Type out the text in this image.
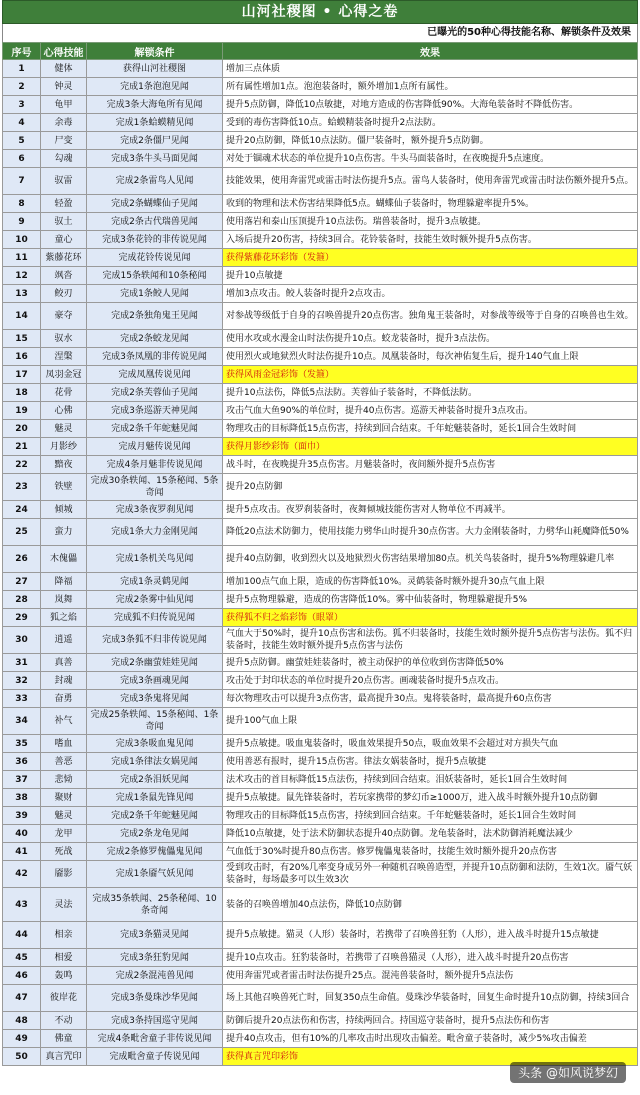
山河社稷图 • 心得之卷
已曝光的50种心得技能名称、解锁条件及效果
序号	心得技能	解锁条件	效果
1	健体	获得山河社稷图	增加三点体质
2	钟灵	完成1条泡泡见闻	所有属性增加1点。泡泡装备时，额外增加1点所有属性。
3	龟甲	完成3条大海龟所有见闻	提升5点防御，降低10点敏捷，对地方造成的伤害降低90%。大海龟装备时不降低伤害。
4	余毒	完成1条蛤蟆精见闻	受到的毒伤害降低10点。蛤蟆精装备时提升2点法防。
5	尸变	完成2条僵尸见闻	提升20点防御，降低10点法防。僵尸装备时，额外提升5点防御。
6	勾魂	完成3条牛头马面见闻	对处于锢魂术状态的单位提升10点伤害。牛头马面装备时，在夜晚提升5点速度。
7	驭雷	完成2条雷鸟人见闻	技能效果，使用奔雷咒或雷击时法伤提升5点。雷鸟人装备时，使用奔雷咒或雷击时法伤额外提升5点。
8	轻盈	完成2条蝴蝶仙子见闻	收到的物理和法术伤害结果降低5点。蝴蝶仙子装备时，物理躲避率提升5%。
9	驭土	完成2条古代瑞兽见闻	使用落岩和泰山压顶提升10点法伤。瑞兽装备时，提升3点敏捷。
10	童心	完成3条花铃的非传说见闻	入场后提升20伤害，持续3回合。花铃装备时，技能生效时额外提升5点伤害。
11	紫藤花环	完成花铃传说见闻	获得紫藤花环彩饰（发箍）
12	飒沓	完成15条轶闻和10条秘闻	提升10点敏捷
13	鲛刃	完成1条鲛人见闻	增加3点攻击。鲛人装备时提升2点攻击。
14	豪夺	完成2条独角鬼王见闻	对参战等级低于自身的召唤兽提升20点伤害。独角鬼王装备时，对参战等级等于自身的召唤兽也生效。
15	驭水	完成2条蛟龙见闻	使用水攻或水漫金山时法伤提升10点。蛟龙装备时，提升3点法伤。
16	涅槃	完成3条凤凰的非传说见闻	使用烈火或地狱烈火时法伤提升10点。凤凰装备时，每次神佑复生后，提升140气血上限
17	凤羽金冠	完成凤凰传说见闻	获得风雨金冠彩饰（发箍）
18	花骨	完成2条芙蓉仙子见闻	提升10点法伤，降低5点法防。芙蓉仙子装备时，不降低法防。
19	心佛	完成3条巡游天神见闻	攻击气血大鱼90%的单位时，提升40点伤害。巡游天神装备时提升3点攻击。
20	魅灵	完成2条千年蛇魅见闻	物理攻击的目标降低15点伤害，持续到回合结束。千年蛇魅装备时，延长1回合生效时间
21	月影纱	完成月魅传说见闻	获得月影纱彩饰（面巾）
22	黯夜	完成4条月魅非传说见闻	战斗时，在夜晚提升35点伤害。月魅装备时，夜间额外提升5点伤害
23	铁壁	完成30条轶闻、15条秘闻、5条奇闻	提升20点防御
24	倾城	完成3条夜罗刹见闻	提升5点攻击。夜罗刹装备时，夜舞倾城技能伤害对人物单位不再减半。
25	蛮力	完成1条大力金刚见闻	降低20点法术防御力，使用技能力劈华山时提升30点伤害。大力金刚装备时，力劈华山耗魔降低50%
26	木傀儡	完成1条机关鸟见闻	提升40点防御，收到烈火以及地狱烈火伤害结果增加80点。机关鸟装备时，提升5%物理躲避几率
27	降福	完成1条灵鹤见闻	增加100点气血上限，造成的伤害降低10%。灵鹤装备时额外提升30点气血上限
28	岚舞	完成2条雾中仙见闻	提升5点物理躲避，造成的伤害降低10%。雾中仙装备时，物理躲避提升5%
29	狐之焰	完成狐不归传说见闻	获得狐不归之焰彩饰（眼罩）
30	逍遥	完成3条狐不归非传说见闻	气血大于50%时，提升10点伤害和法伤。狐不归装备时，技能生效时额外提升5点伤害与法伤。狐不归装备时，技能生效时额外提升5点伤害与法伤
31	真善	完成2条幽萤娃娃见闻	提升5点防御。幽萤娃娃装备时，被主动保护的单位收到伤害降低50%
32	封魂	完成3条画魂见闻	攻击处于封印状态的单位时提升20点伤害。画魂装备时提升5点攻击。
33	奋勇	完成3条鬼将见闻	每次物理攻击可以提升3点伤害，最高提升30点。鬼将装备时，最高提升60点伤害
34	补气	完成25条轶闻、15条秘闻、1条奇闻	提升100气血上限
35	嗜血	完成3条吸血鬼见闻	提升5点敏捷。吸血鬼装备时，吸血效果提升50点，吸血效果不会超过对方损失气血
36	善恶	完成1条律法女娲见闻	使用善恶有报时，提升15点伤害。律法女娲装备时，提升5点敏捷
37	悲恸	完成2条泪妖见闻	法术攻击的首目标降低15点法伤，持续到回合结束。泪妖装备时，延长1回合生效时间
38	聚财	完成1条鼠先锋见闻	提升5点敏捷。鼠先锋装备时，若玩家携带的梦幻币≥1000万，进入战斗时额外提升10点防御
39	魅灵	完成2条千年蛇魅见闻	物理攻击的目标降低15点伤害，持续到回合结束。千年蛇魅装备时，延长1回合生效时间
40	龙甲	完成2条龙龟见闻	降低10点敏捷，处于法术防御状态提升40点防御。龙龟装备时，法术防御消耗魔法减少
41	死战	完成2条修罗傀儡鬼见闻	气血低于30%时提升80点伤害。修罗傀儡鬼装备时，技能生效时额外提升20点伤害
42	靥影	完成1条靥气妖见闻	受到攻击时，有20%几率变身成另外一种随机召唤兽造型，并提升10点防御和法防，生效1次。靥气妖装备时，每场最多可以生效3次
43	灵法	完成35条轶闻、25条秘闻、10条奇闻	装备的召唤兽增加40点法伤，降低10点防御
44	相亲	完成3条猫灵见闻	提升5点敏捷。猫灵（人形）装备时，若携带了召唤兽狂豹（人形），进入战斗时提升15点敏捷
45	相爱	完成3条狂豹见闻	提升10点攻击。狂豹装备时，若携带了召唤兽猫灵（人形），进入战斗时提升20点伤害
46	轰鸣	完成2条混沌兽见闻	使用奔雷咒或者雷击时法伤提升25点。混沌兽装备时，额外提升5点法伤
47	彼岸花	完成3条曼珠沙华见闻	场上其他召唤兽死亡时，回复350点生命值。曼珠沙华装备时，回复生命时提升10点防御，持续3回合
48	不动	完成3条持国巡守见闻	防御后提升20点法伤和伤害，持续两回合。持国巡守装备时，提升5点法伤和伤害
49	佛童	完成4条毗舍童子非传说见闻	提升40点攻击，但有10%的几率攻击时出现攻击偏差。毗舍童子装备时，减少5%攻击偏差
50	真言咒印	完成毗舍童子传说见闻	获得真言咒印彩饰
头条 @如风说梦幻
